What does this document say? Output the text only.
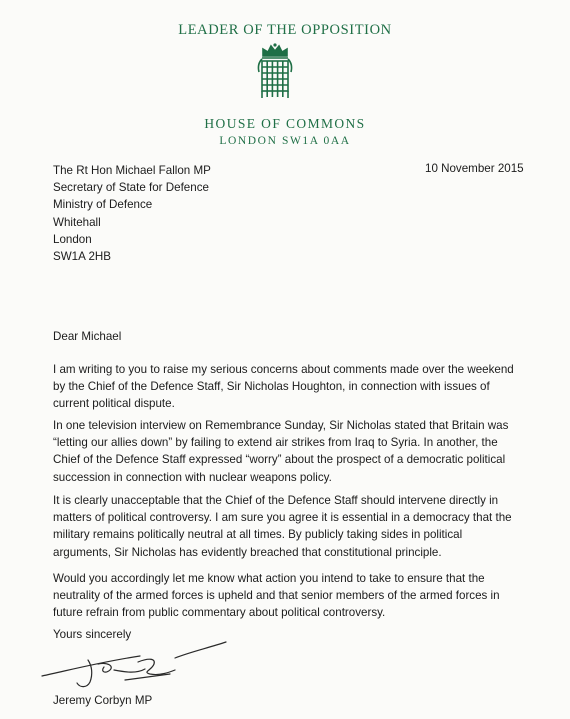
LEADER OF THE OPPOSITION
HOUSE OF COMMONS
LONDON SW1A 0AA
The Rt Hon Michael Fallon MP
Secretary of State for Defence
Ministry of Defence
Whitehall
London
SW1A 2HB
10 November 2015
Dear Michael

I am writing to you to raise my serious concerns about comments made over the weekend
by the Chief of the Defence Staff, Sir Nicholas Houghton, in connection with issues of
current political dispute.

In one television interview on Remembrance Sunday, Sir Nicholas stated that Britain was
“letting our allies down” by failing to extend air strikes from Iraq to Syria. In another, the
Chief of the Defence Staff expressed “worry” about the prospect of a democratic political
succession in connection with nuclear weapons policy.

It is clearly unacceptable that the Chief of the Defence Staff should intervene directly in
matters of political controversy. I am sure you agree it is essential in a democracy that the
military remains politically neutral at all times. By publicly taking sides in political
arguments, Sir Nicholas has evidently breached that constitutional principle.

Would you accordingly let me know what action you intend to take to ensure that the
neutrality of the armed forces is upheld and that senior members of the armed forces in
future refrain from public commentary about political controversy.

Yours sincerely
Jeremy Corbyn MP
